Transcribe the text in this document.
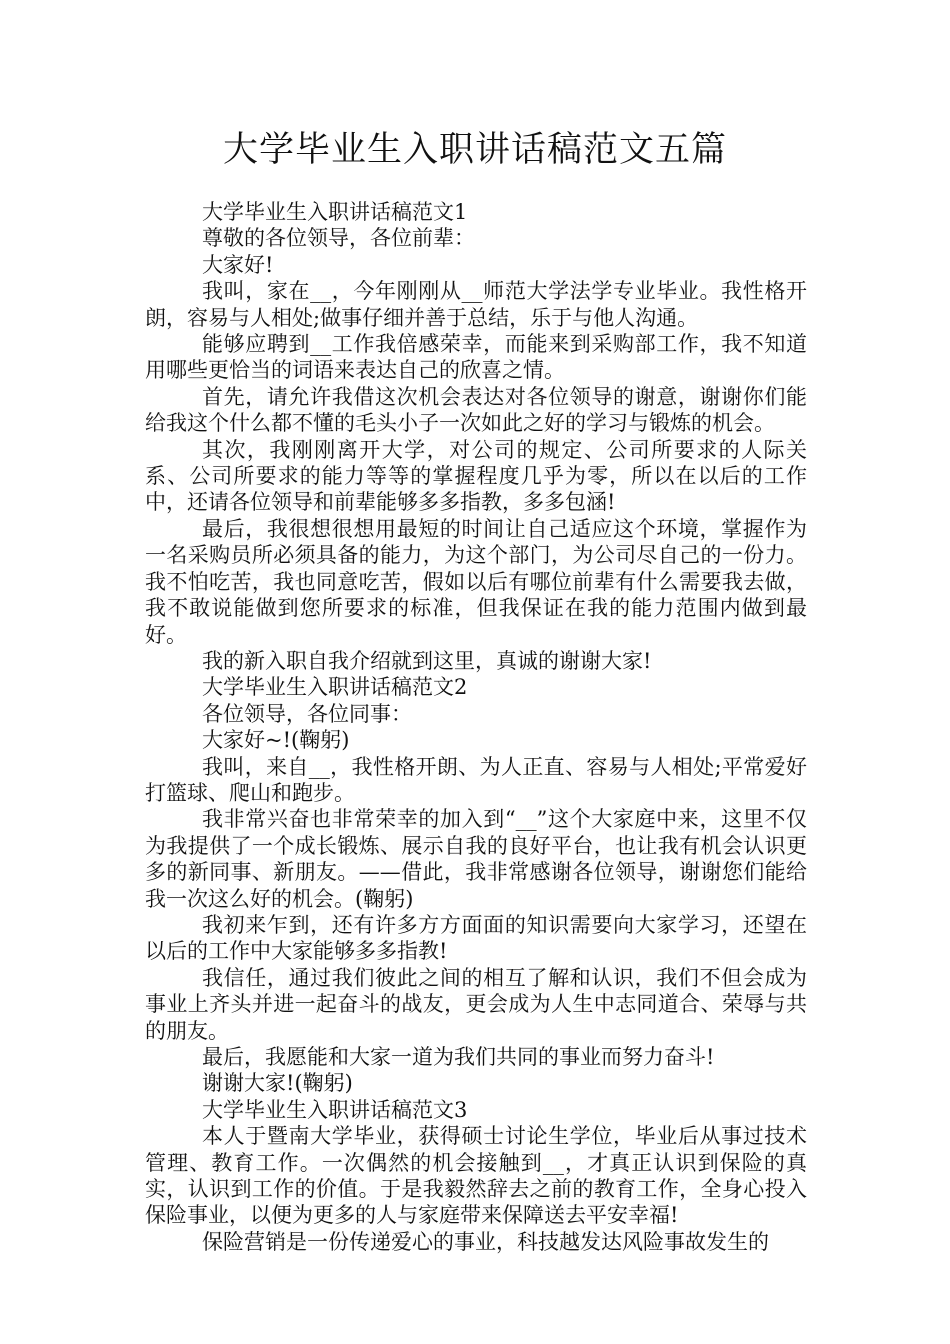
大学毕业生入职讲话稿范文五篇

大学毕业生入职讲话稿范文1

尊敬的各位领导，各位前辈：

大家好!

我叫，家在__，今年刚刚从__师范大学法学专业毕业。我性格开朗，容易与人相处;做事仔细并善于总结，乐于与他人沟通。

能够应聘到__工作我倍感荣幸，而能来到采购部工作，我不知道用哪些更恰当的词语来表达自己的欣喜之情。

首先，请允许我借这次机会表达对各位领导的谢意，谢谢你们能给我这个什么都不懂的毛头小子一次如此之好的学习与锻炼的机会。

其次，我刚刚离开大学，对公司的规定、公司所要求的人际关系、公司所要求的能力等等的掌握程度几乎为零，所以在以后的工作中，还请各位领导和前辈能够多多指教，多多包涵!

最后，我很想很想用最短的时间让自己适应这个环境，掌握作为一名采购员所必须具备的能力，为这个部门，为公司尽自己的一份力。我不怕吃苦，我也同意吃苦，假如以后有哪位前辈有什么需要我去做，我不敢说能做到您所要求的标准，但我保证在我的能力范围内做到最好。

我的新入职自我介绍就到这里，真诚的谢谢大家!

大学毕业生入职讲话稿范文2

各位领导，各位同事：

大家好~!(鞠躬)

我叫，来自__，我性格开朗、为人正直、容易与人相处;平常爱好打篮球、爬山和跑步。

我非常兴奋也非常荣幸的加入到“__”这个大家庭中来，这里不仅为我提供了一个成长锻炼、展示自我的良好平台，也让我有机会认识更多的新同事、新朋友。——借此，我非常感谢各位领导，谢谢您们能给我一次这么好的机会。(鞠躬)

我初来乍到，还有许多方方面面的知识需要向大家学习，还望在以后的工作中大家能够多多指教!

我信任，通过我们彼此之间的相互了解和认识，我们不但会成为事业上齐头并进一起奋斗的战友，更会成为人生中志同道合、荣辱与共的朋友。

最后，我愿能和大家一道为我们共同的事业而努力奋斗!

谢谢大家!(鞠躬)

大学毕业生入职讲话稿范文3

本人于暨南大学毕业，获得硕士讨论生学位，毕业后从事过技术管理、教育工作。一次偶然的机会接触到__，才真正认识到保险的真实，认识到工作的价值。于是我毅然辞去之前的教育工作，全身心投入保险事业，以便为更多的人与家庭带来保障送去平安幸福!

保险营销是一份传递爱心的事业，科技越发达风险事故发生的
